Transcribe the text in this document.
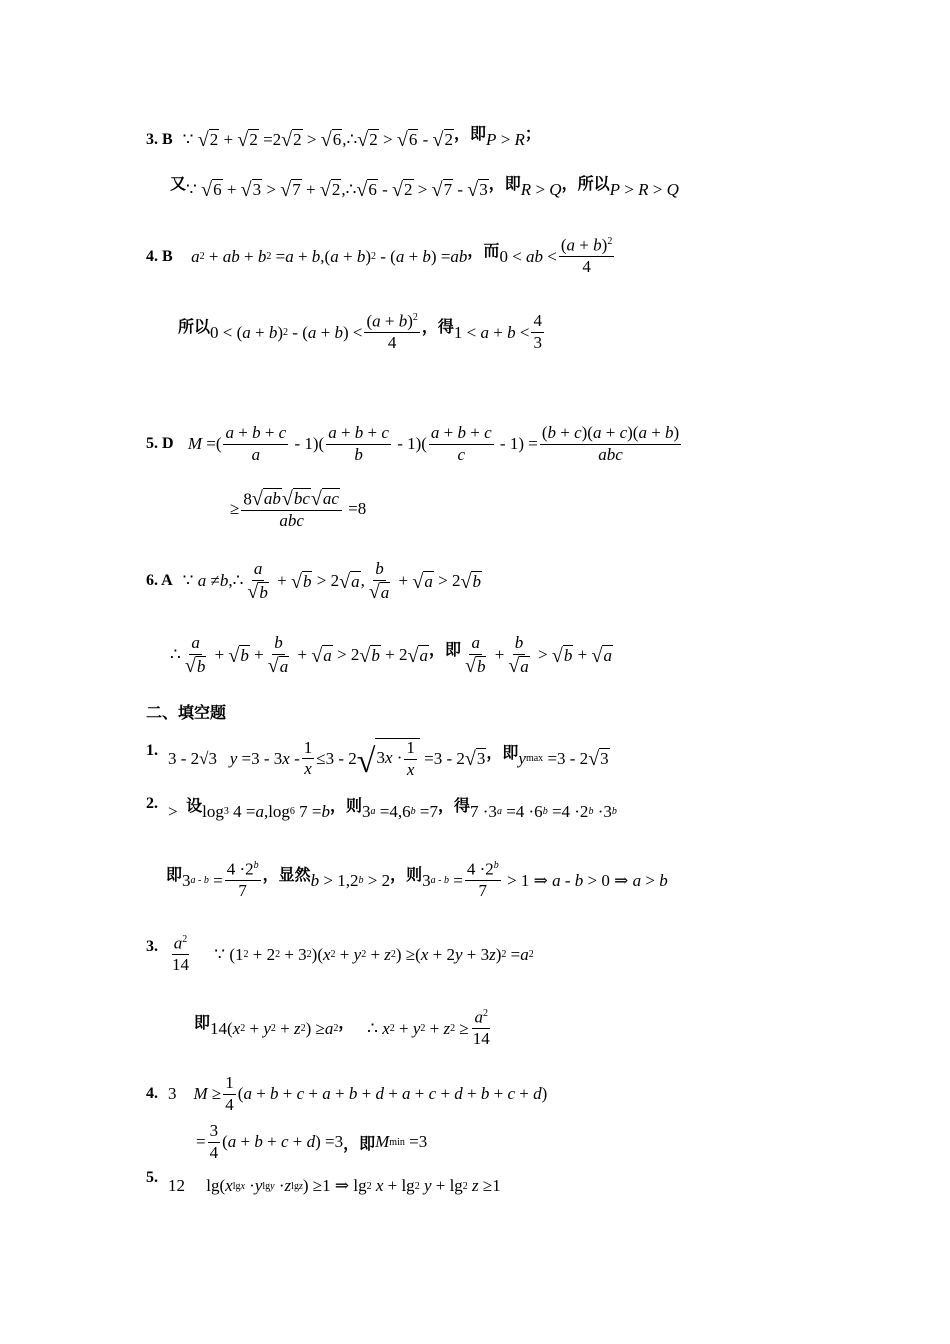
3. B ∵
√ 2 + √ 2 =2 √ 2 > √ 6 ,∴ √ 2 > √ 6 - √ 2 ， 即 P > R ；
又 ∵
√ 6 + √ 3 > √ 7 + √ 2 ,∴ √ 6 - √ 2 > √ 7 - √ 3 ， 即 R > Q ， 所以 P > R > Q
4. B
a 2 + ab + b 2 = a + b ,( a + b ) 2 - ( a + b ) = ab ， 而 0 < ab < $\frac{(a + b)^2}{4}$
所以 0 < ( a + b ) 2 - ( a + b ) < $\frac{(a + b)^2}{4}$ ， 得 $1 < a + b < \frac{4}{3}$
5. D
M =( $\frac{a + b + c}{a} - 1)( \frac{a + b + c}{b} - 1)( \frac{a + b + c}{c} - 1) = \frac{(b + c)(a + c)(a + b)}{\text{abc}}$
≥ $\frac{8 √ ab √ bc √ ac}{\text{abc}} =8$
6. A ∵ a ≠ b ,∴ $\frac{a}{√ b}$ + √ b > 2 √ a , $\frac{b}{√ a}$ + √ a > 2 √ b
∴ $\frac{a}{√ b}$ + √ $b + \frac{b}{√ a}$ + √ a > 2 √ b + 2 √ a ， 即 $\frac{a}{√ b} + \frac{b}{√ a}$ > √ b + √ a
二、填空题
1. 3 - 2√3
y =3 - 3 $x - \frac{1}{x} \le 3 - 2$ √ $3x \cdot \frac{1}{x} =3 - 2$ √ 3 ， 即 y max =3 - 2 √ 3
2. >
设 $\log_3 4 = a$ ,log 6 7 = b ， 则 $3_a =4,6$ b =7 ， 得 $7 \cdot 3_a =4 \cdot 6$ b =4 ·2 b ·3 b
即 3 $_{a - b} = \frac{4 \cdot 2^b}{7}$ ， 显然 b > 1,2 b > 2 ， 则 3 $_{a - b} = \frac{4 \cdot 2^b}{7} > 1$ ⇒ a - b > 0 ⇒ a > b
3. $\frac{a^2}{14}$ ∵ (1 2 + 2 2 + 3 2 )( x 2 + y 2 + z 2 ) ≥( x + 2 y + 3 z ) 2 = a 2
即 14( x 2 + y 2 + z 2 ) ≥ a 2 ， ∴ x 2 + y 2 + z $2 \ge \frac{a^2}{14}$
4. 3
$M \ge \frac{1}{4}$ ( a + b + c + a + b + d + a + c + d + b + c + d )
= $\frac{3}{4}$ ( a + b + c + d ) =3 ， 即 M min =3
5. 12 lg( x lgx · y lgy · z lgz ) ≥1 ⇒ lg 2
x + lg 2
y + lg 2
z ≥1
